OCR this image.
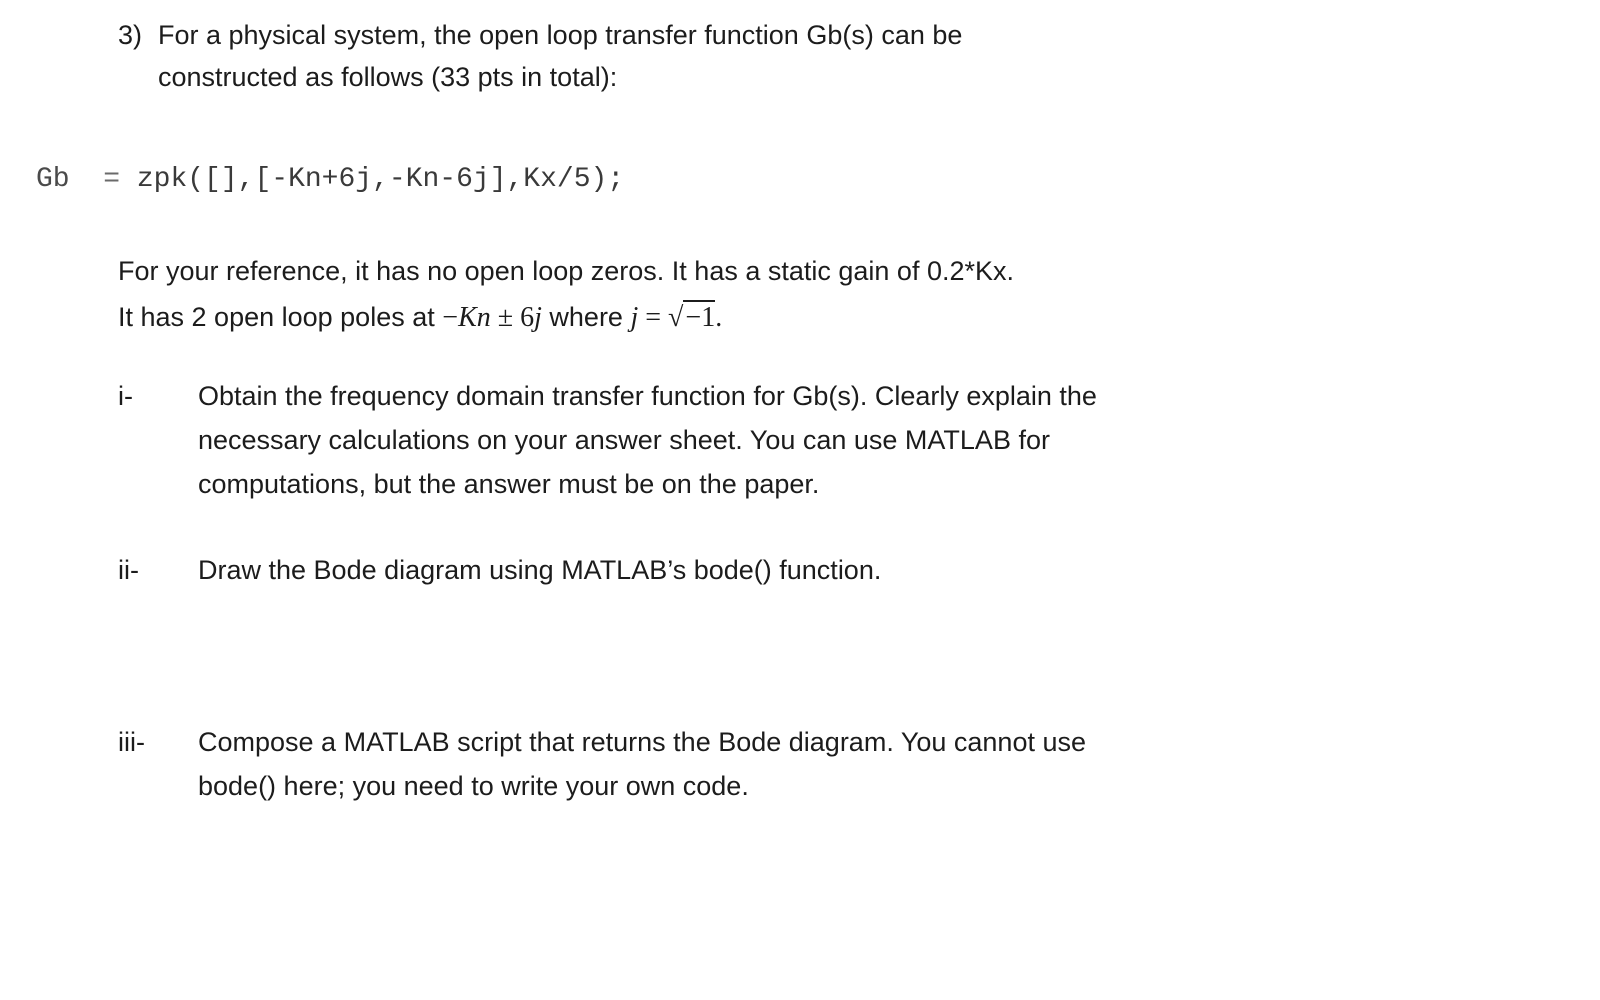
3) For a physical system, the open loop transfer function Gb(s) can be
constructed as follows (33 pts in total):
Gb = zpk([],[-Kn+6j,-Kn-6j],Kx/5);
For your reference, it has no open loop zeros. It has a static gain of 0.2*Kx.
It has 2 open loop poles at −Kn ± 6j where j = √−1.
i-	Obtain the frequency domain transfer function for Gb(s). Clearly explain the necessary calculations on your answer sheet. You can use MATLAB for computations, but the answer must be on the paper.
ii-	Draw the Bode diagram using MATLAB’s bode() function.
iii-	Compose a MATLAB script that returns the Bode diagram. You cannot use bode() here; you need to write your own code.
